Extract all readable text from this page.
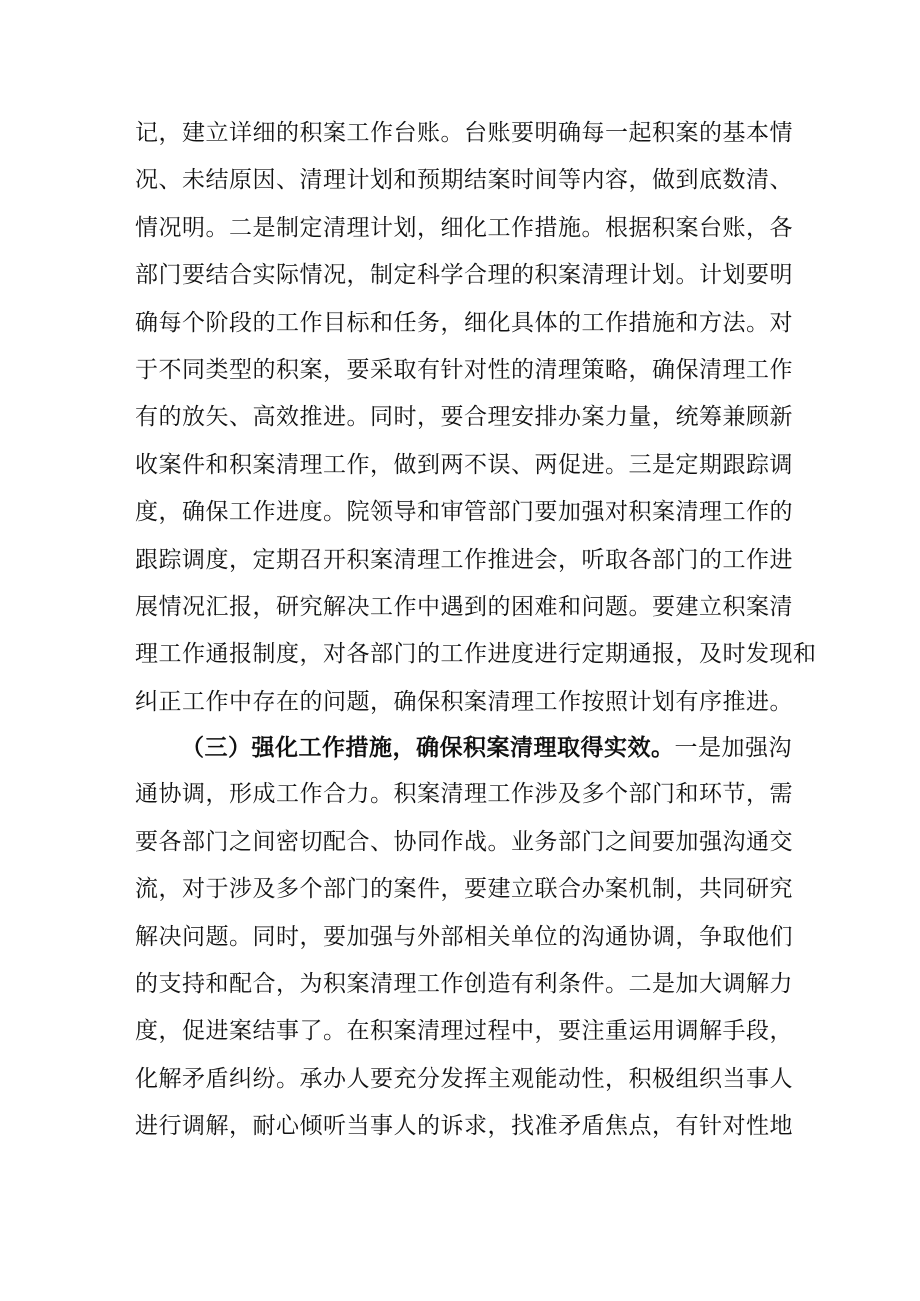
记，建立详细的积案工作台账。台账要明确每一起积案的基本情
况、未结原因、清理计划和预期结案时间等内容，做到底数清、
情况明。二是制定清理计划，细化工作措施。根据积案台账，各
部门要结合实际情况，制定科学合理的积案清理计划。计划要明
确每个阶段的工作目标和任务，细化具体的工作措施和方法。对
于不同类型的积案，要采取有针对性的清理策略，确保清理工作
有的放矢、高效推进。同时，要合理安排办案力量，统筹兼顾新
收案件和积案清理工作，做到两不误、两促进。三是定期跟踪调
度，确保工作进度。院领导和审管部门要加强对积案清理工作的
跟踪调度，定期召开积案清理工作推进会，听取各部门的工作进
展情况汇报，研究解决工作中遇到的困难和问题。要建立积案清
理工作通报制度，对各部门的工作进度进行定期通报，及时发现和
纠正工作中存在的问题，确保积案清理工作按照计划有序推进。
（三）强化工作措施，确保积案清理取得实效。一是加强沟
通协调，形成工作合力。积案清理工作涉及多个部门和环节，需
要各部门之间密切配合、协同作战。业务部门之间要加强沟通交
流，对于涉及多个部门的案件，要建立联合办案机制，共同研究
解决问题。同时，要加强与外部相关单位的沟通协调，争取他们
的支持和配合，为积案清理工作创造有利条件。二是加大调解力
度，促进案结事了。在积案清理过程中，要注重运用调解手段，
化解矛盾纠纷。承办人要充分发挥主观能动性，积极组织当事人
进行调解，耐心倾听当事人的诉求，找准矛盾焦点，有针对性地
